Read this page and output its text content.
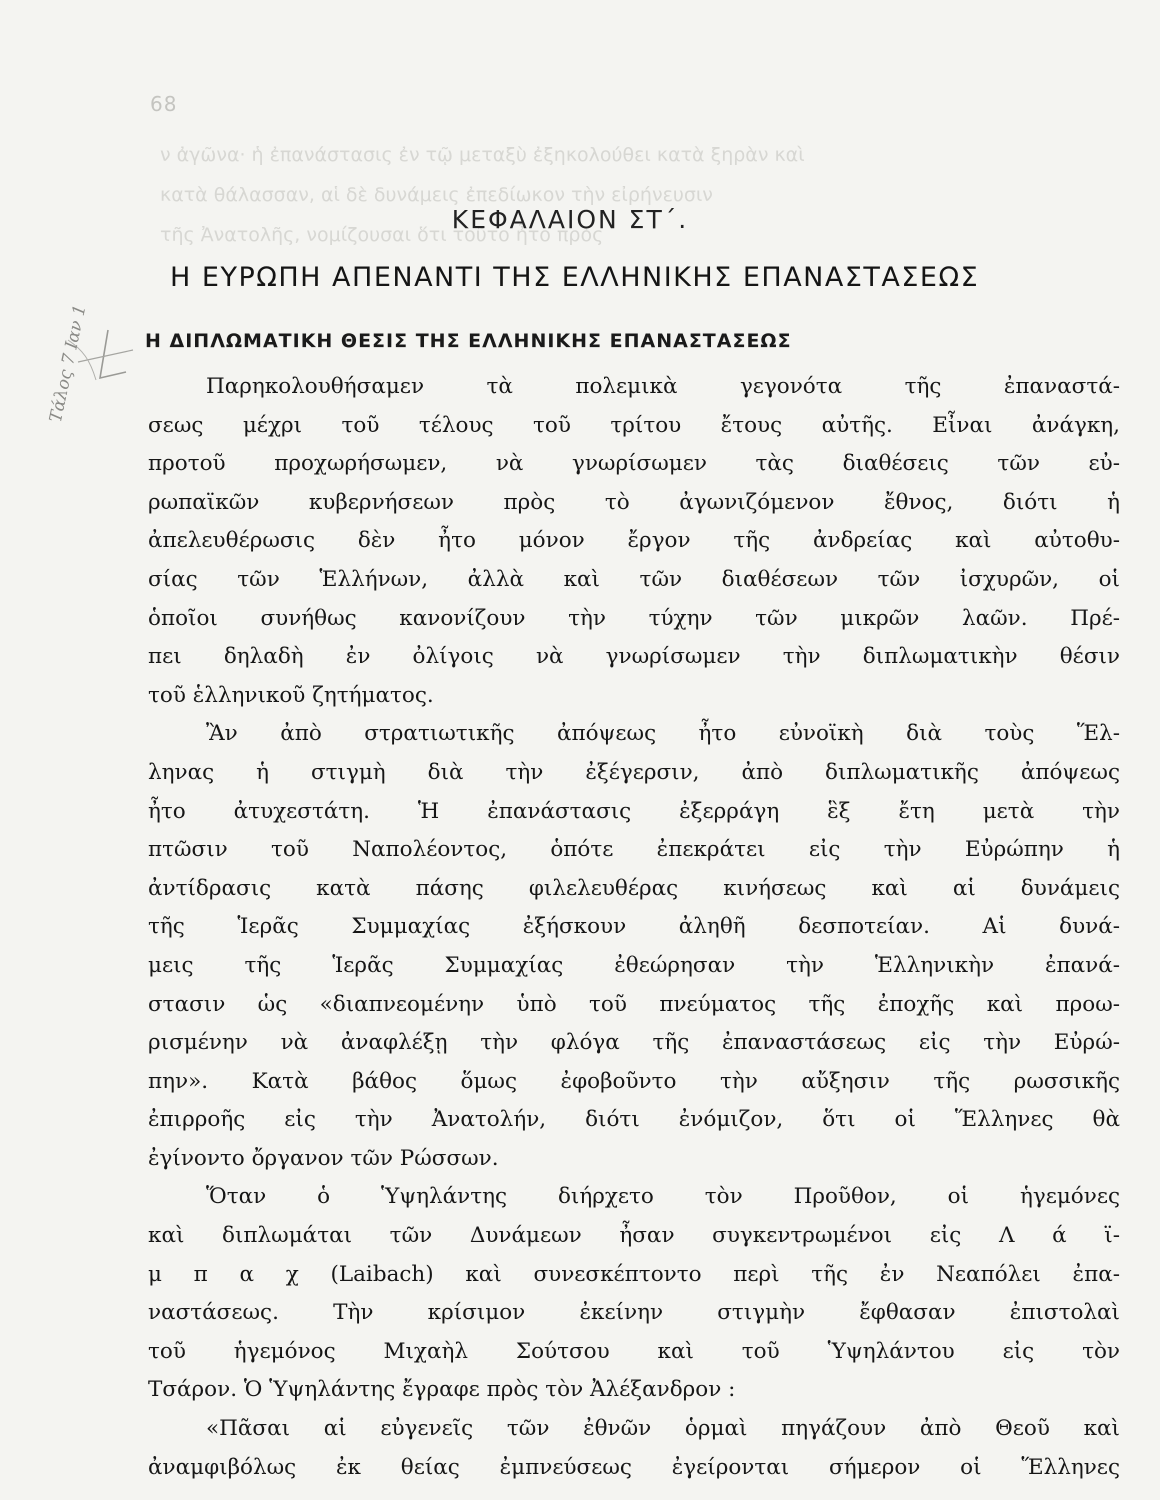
68
ν ἀγῶνα· ἡ ἐπανάστασις ἐν τῷ μεταξὺ ἐξηκολούθει κατὰ ξηρὰν καὶ
κατὰ θάλασσαν, αἱ δὲ δυνάμεις ἐπεδίωκον τὴν εἰρήνευσιν
τῆς Ἀνατολῆς, νομίζουσαι ὅτι τοῦτο ἦτο πρὸς
Τάλος 7 Ιαν 1
ΚΕΦΑΛΑΙΟΝ ΣΤ΄.
Η ΕΥΡΩΠΗ ΑΠΕΝΑΝΤΙ ΤΗΣ ΕΛΛΗΝΙΚΗΣ ΕΠΑΝΑΣΤΑΣΕΩΣ
Η ΔΙΠΛΩΜΑΤΙΚΗ ΘΕΣΙΣ ΤΗΣ ΕΛΛΗΝΙΚΗΣ ΕΠΑΝΑΣΤΑΣΕΩΣ
Παρηκολουθήσαμεν τὰ πολεμικὰ γεγονότα τῆς ἐπαναστά-
σεως μέχρι τοῦ τέλους τοῦ τρίτου ἔτους αὐτῆς. Εἶναι ἀνάγκη,
προτοῦ προχωρήσωμεν, νὰ γνωρίσωμεν τὰς διαθέσεις τῶν εὐ-
ρωπαϊκῶν κυβερνήσεων πρὸς τὸ ἀγωνιζόμενον ἔθνος, διότι ἡ
ἀπελευθέρωσις δὲν ἦτο μόνον ἔργον τῆς ἀνδρείας καὶ αὐτοθυ-
σίας τῶν Ἑλλήνων, ἀλλὰ καὶ τῶν διαθέσεων τῶν ἰσχυρῶν, οἱ
ὁποῖοι συνήθως κανονίζουν τὴν τύχην τῶν μικρῶν λαῶν. Πρέ-
πει δηλαδὴ ἐν ὀλίγοις νὰ γνωρίσωμεν τὴν διπλωματικὴν θέσιν
τοῦ ἑλληνικοῦ ζητήματος.
Ἂν ἀπὸ στρατιωτικῆς ἀπόψεως ἦτο εὐνοϊκὴ διὰ τοὺς Ἕλ-
ληνας ἡ στιγμὴ διὰ τὴν ἐξέγερσιν, ἀπὸ διπλωματικῆς ἀπόψεως
ἦτο ἀτυχεστάτη. Ἡ ἐπανάστασις ἐξερράγη ἓξ ἔτη μετὰ τὴν
πτῶσιν τοῦ Ναπολέοντος, ὁπότε ἐπεκράτει εἰς τὴν Εὐρώπην ἡ
ἀντίδρασις κατὰ πάσης φιλελευθέρας κινήσεως καὶ αἱ δυνάμεις
τῆς Ἱερᾶς Συμμαχίας ἐξήσκουν ἀληθῆ δεσποτείαν. Αἱ δυνά-
μεις τῆς Ἱερᾶς Συμμαχίας ἐθεώρησαν τὴν Ἑλληνικὴν ἐπανά-
στασιν ὡς «διαπνεομένην ὑπὸ τοῦ πνεύματος τῆς ἐποχῆς καὶ προω-
ρισμένην νὰ ἀναφλέξῃ τὴν φλόγα τῆς ἐπαναστάσεως εἰς τὴν Εὐρώ-
πην». Κατὰ βάθος ὅμως ἐφοβοῦντο τὴν αὔξησιν τῆς ρωσσικῆς
ἐπιρροῆς εἰς τὴν Ἀνατολήν, διότι ἐνόμιζον, ὅτι οἱ Ἕλληνες θὰ
ἐγίνοντο ὄργανον τῶν Ρώσσων.
Ὅταν ὁ Ὑψηλάντης διήρχετο τὸν Προῦθον, οἱ ἡγεμόνες
καὶ διπλωμάται τῶν Δυνάμεων ἦσαν συγκεντρωμένοι εἰς Λ ά ϊ-
μ π α χ (Laibach) καὶ συνεσκέπτοντο περὶ τῆς ἐν Νεαπόλει ἐπα-
ναστάσεως. Τὴν κρίσιμον ἐκείνην στιγμὴν ἔφθασαν ἐπιστολαὶ
τοῦ ἡγεμόνος Μιχαὴλ Σούτσου καὶ τοῦ Ὑψηλάντου εἰς τὸν
Τσάρον. Ὁ Ὑψηλάντης ἔγραφε πρὸς τὸν Ἀλέξανδρον :
«Πᾶσαι αἱ εὐγενεῖς τῶν ἐθνῶν ὁρμαὶ πηγάζουν ἀπὸ Θεοῦ καὶ
ἀναμφιβόλως ἐκ θείας ἐμπνεύσεως ἐγείρονται σήμερον οἱ Ἕλληνες
